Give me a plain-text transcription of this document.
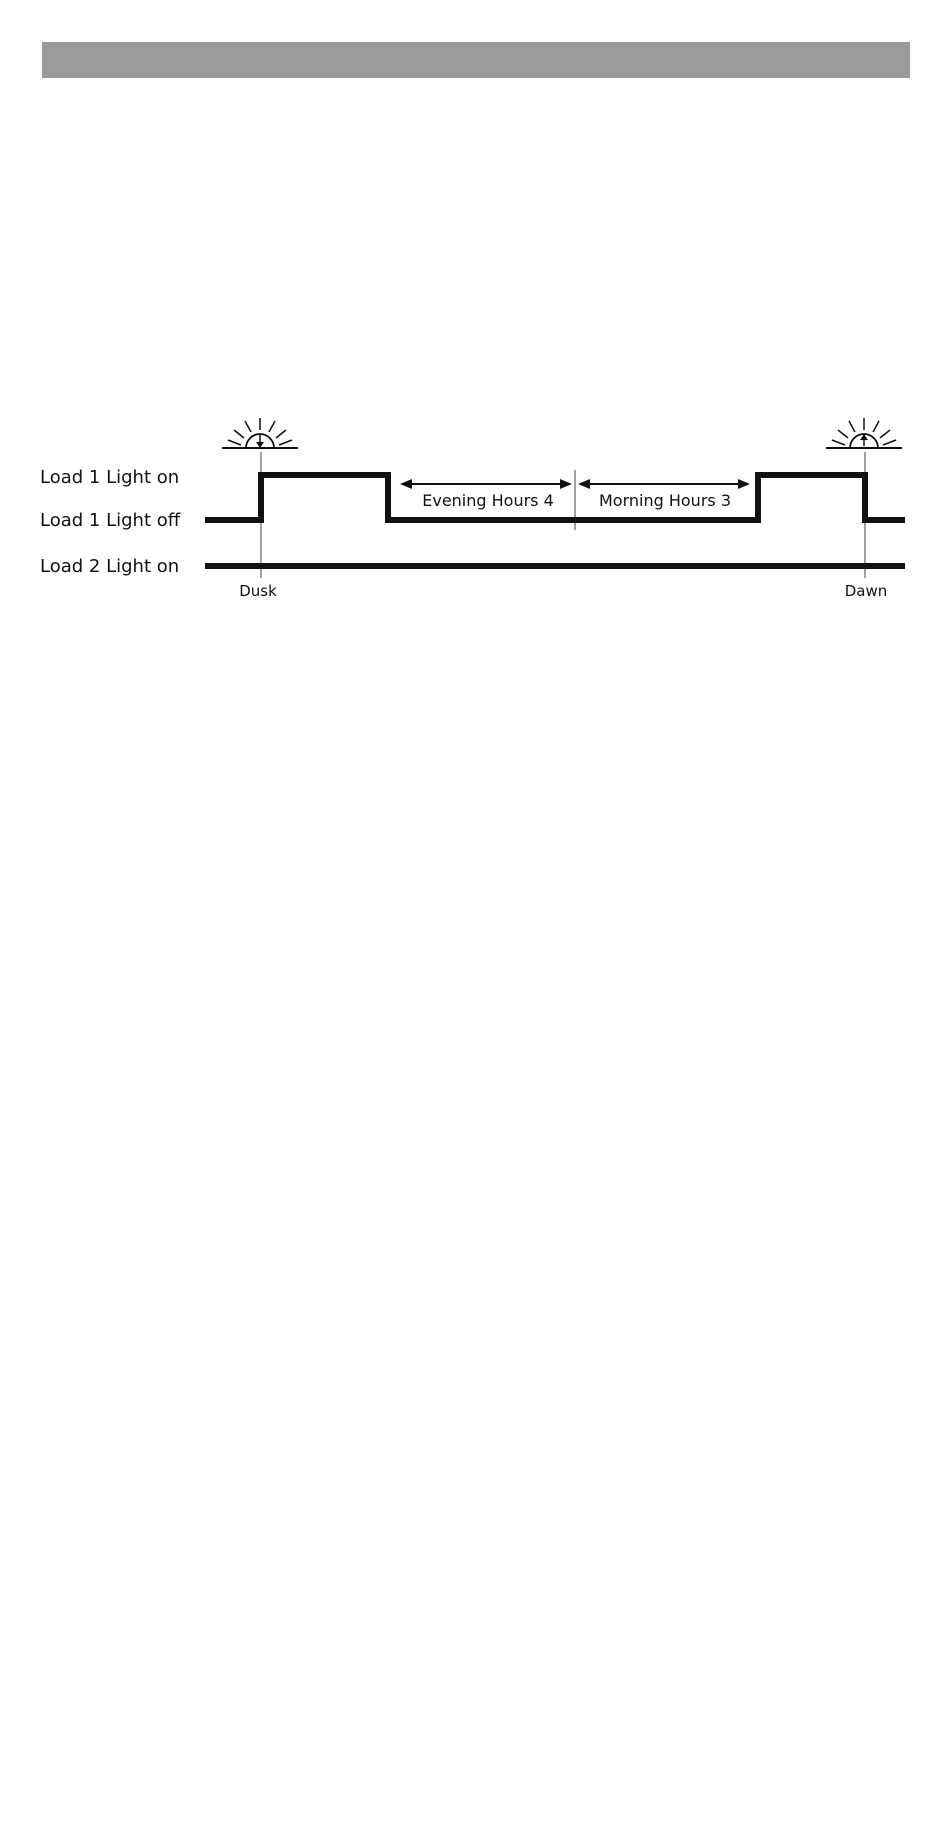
Load 1 Light on
Load 1 Light off
Load 2 Light on
Evening Hours 4	Morning Hours 3
Dusk	Dawn
